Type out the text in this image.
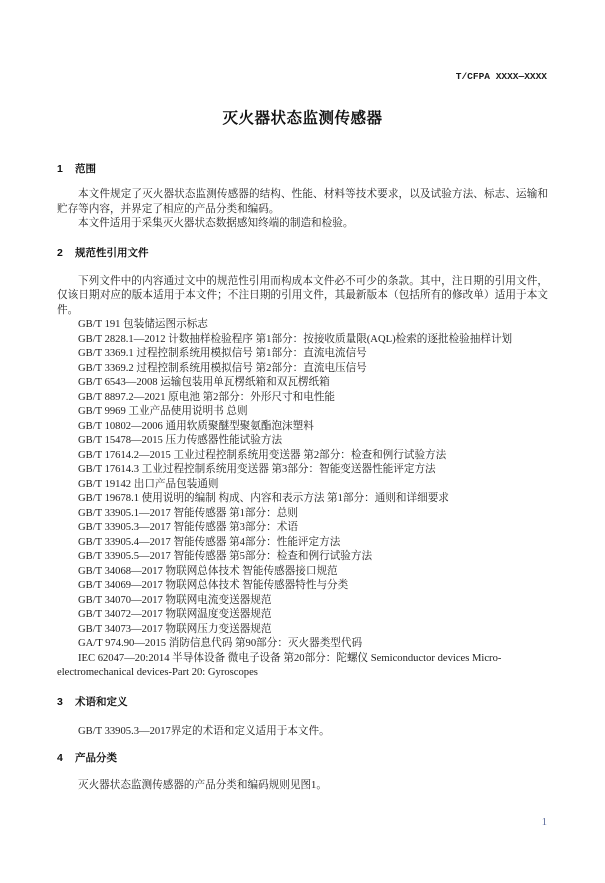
T/CFPA XXXX—XXXX
灭火器状态监测传感器
1 范围

本文件规定了灭火器状态监测传感器的结构、性能、材料等技术要求，以及试验方法、标志、运输和贮存等内容，并界定了相应的产品分类和编码。

本文件适用于采集灭火器状态数据感知终端的制造和检验。

2 规范性引用文件

下列文件中的内容通过文中的规范性引用而构成本文件必不可少的条款。其中，注日期的引用文件，仅该日期对应的版本适用于本文件；不注日期的引用文件，其最新版本（包括所有的修改单）适用于本文件。

GB/T 191 包装储运图示标志
GB/T 2828.1—2012 计数抽样检验程序 第1部分：按接收质量限(AQL)检索的逐批检验抽样计划
GB/T 3369.1 过程控制系统用模拟信号 第1部分：直流电流信号
GB/T 3369.2 过程控制系统用模拟信号 第2部分：直流电压信号
GB/T 6543—2008 运输包装用单瓦楞纸箱和双瓦楞纸箱
GB/T 8897.2—2021 原电池 第2部分：外形尺寸和电性能
GB/T 9969 工业产品使用说明书 总则
GB/T 10802—2006 通用软质聚醚型聚氨酯泡沫塑料
GB/T 15478—2015 压力传感器性能试验方法
GB/T 17614.2—2015 工业过程控制系统用变送器 第2部分：检查和例行试验方法
GB/T 17614.3 工业过程控制系统用变送器 第3部分：智能变送器性能评定方法
GB/T 19142 出口产品包装通则
GB/T 19678.1 使用说明的编制 构成、内容和表示方法 第1部分：通则和详细要求
GB/T 33905.1—2017 智能传感器 第1部分：总则
GB/T 33905.3—2017 智能传感器 第3部分：术语
GB/T 33905.4—2017 智能传感器 第4部分：性能评定方法
GB/T 33905.5—2017 智能传感器 第5部分：检查和例行试验方法
GB/T 34068—2017 物联网总体技术 智能传感器接口规范
GB/T 34069—2017 物联网总体技术 智能传感器特性与分类
GB/T 34070—2017 物联网电流变送器规范
GB/T 34072—2017 物联网温度变送器规范
GB/T 34073—2017 物联网压力变送器规范
GA/T 974.90—2015 消防信息代码 第90部分：灭火器类型代码
IEC 62047—20:2014 半导体设备 微电子设备 第20部分：陀螺仪 Semiconductor devices Micro-electromechanical devices-Part 20: Gyroscopes
3 术语和定义

GB/T 33905.3—2017界定的术语和定义适用于本文件。

4 产品分类

灭火器状态监测传感器的产品分类和编码规则见图1。

1
